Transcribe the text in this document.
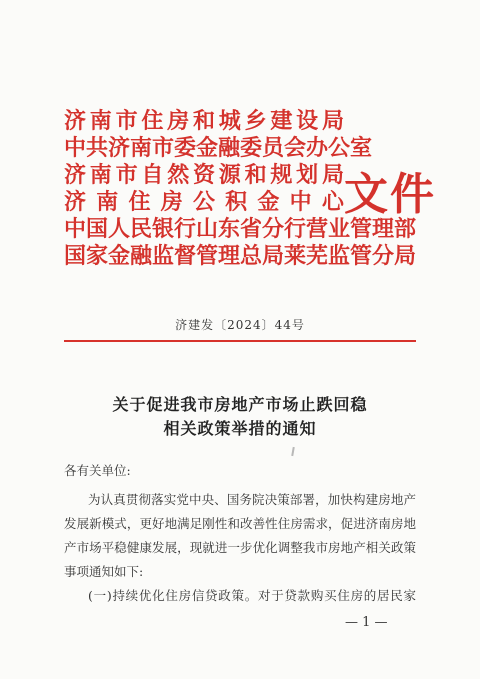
济 南 市 住 房 和 城 乡 建 设 局
中共济南市委金融委员会办公室
济 南 市 自 然 资 源 和 规 划 局
济 南 住 房 公 积 金 中 心
中国人民银行山东省分行营业管理部
国家金融监督管理总局莱芜监管分局
文件
济建发〔2024〕44号
关于促进我市房地产市场止跌回稳
相关政策举措的通知
各有关单位:
为认真贯彻落实党中央、国务院决策部署，加快构建房地产
发展新模式，更好地满足刚性和改善性住房需求，促进济南房地
产市场平稳健康发展，现就进一步优化调整我市房地产相关政策
事项通知如下:
(一)持续优化住房信贷政策。对于贷款购买住房的居民家
— 1 —
